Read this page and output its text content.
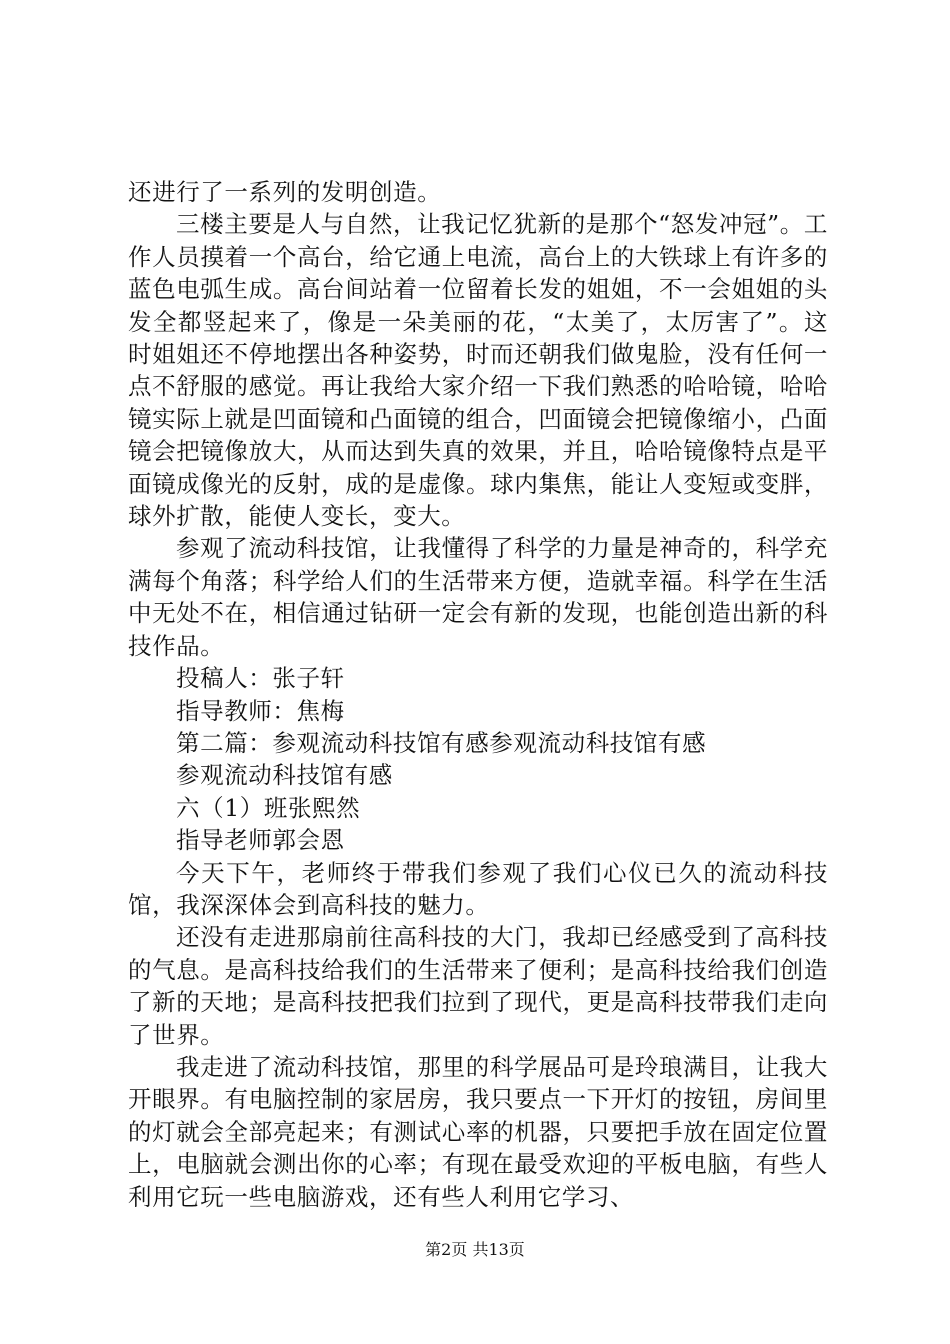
还进行了一系列的发明创造。

三楼主要是人与自然，让我记忆犹新的是那个“怒发冲冠”。工作人员摸着一个高台，给它通上电流，高台上的大铁球上有许多的蓝色电弧生成。高台间站着一位留着长发的姐姐，不一会姐姐的头发全都竖起来了，像是一朵美丽的花，“太美了，太厉害了”。这时姐姐还不停地摆出各种姿势，时而还朝我们做鬼脸，没有任何一点不舒服的感觉。再让我给大家介绍一下我们熟悉的哈哈镜，哈哈镜实际上就是凹面镜和凸面镜的组合，凹面镜会把镜像缩小，凸面镜会把镜像放大，从而达到失真的效果，并且，哈哈镜像特点是平面镜成像光的反射，成的是虚像。球内集焦，能让人变短或变胖，球外扩散，能使人变长，变大。

参观了流动科技馆，让我懂得了科学的力量是神奇的，科学充满每个角落；科学给人们的生活带来方便，造就幸福。科学在生活中无处不在，相信通过钻研一定会有新的发现，也能创造出新的科技作品。

投稿人：张子轩

指导教师：焦梅

第二篇：参观流动科技馆有感参观流动科技馆有感

参观流动科技馆有感

六（1）班张熙然

指导老师郭会恩

今天下午，老师终于带我们参观了我们心仪已久的流动科技馆，我深深体会到高科技的魅力。

还没有走进那扇前往高科技的大门，我却已经感受到了高科技的气息。是高科技给我们的生活带来了便利；是高科技给我们创造了新的天地；是高科技把我们拉到了现代，更是高科技带我们走向了世界。

我走进了流动科技馆，那里的科学展品可是玲琅满目，让我大开眼界。有电脑控制的家居房，我只要点一下开灯的按钮，房间里的灯就会全部亮起来；有测试心率的机器，只要把手放在固定位置上，电脑就会测出你的心率；有现在最受欢迎的平板电脑，有些人利用它玩一些电脑游戏，还有些人利用它学习、

第2页 共13页
